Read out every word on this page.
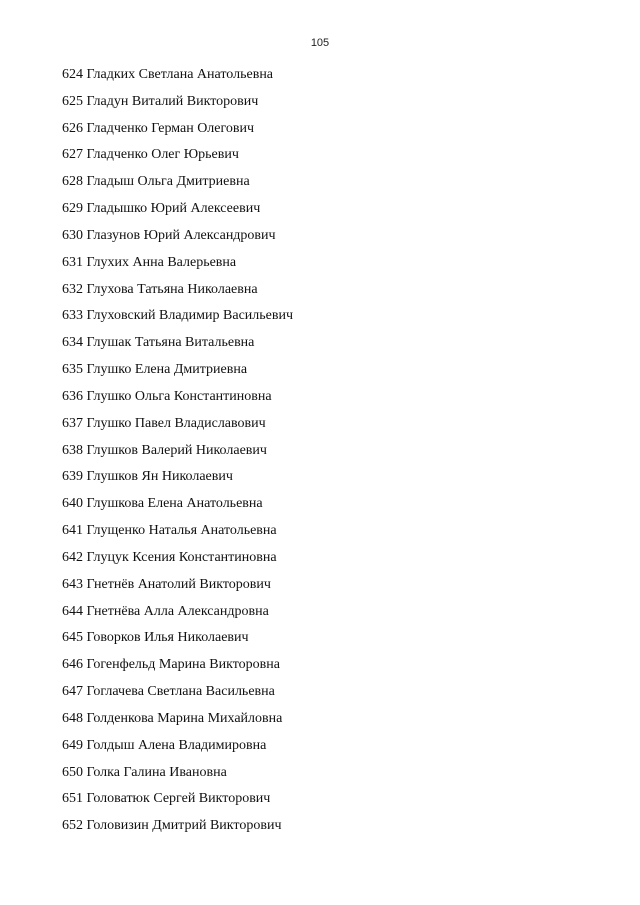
105
624 Гладких Светлана Анатольевна
625 Гладун Виталий Викторович
626 Гладченко Герман Олегович
627 Гладченко Олег Юрьевич
628 Гладыш Ольга Дмитриевна
629 Гладышко Юрий Алексеевич
630 Глазунов Юрий Александрович
631 Глухих Анна Валерьевна
632 Глухова Татьяна Николаевна
633 Глуховский Владимир Васильевич
634 Глушак Татьяна Витальевна
635 Глушко Елена Дмитриевна
636 Глушко Ольга Константиновна
637 Глушко Павел Владиславович
638 Глушков Валерий Николаевич
639 Глушков Ян Николаевич
640 Глушкова Елена Анатольевна
641 Глущенко Наталья Анатольевна
642 Глуцук Ксения Константиновна
643 Гнетнёв Анатолий Викторович
644 Гнетнёва Алла Александровна
645 Говорков Илья Николаевич
646 Гогенфельд Марина Викторовна
647 Гоглачева Светлана Васильевна
648 Голденкова Марина Михайловна
649 Голдыш Алена Владимировна
650 Голка Галина Ивановна
651 Головатюк Сергей Викторович
652 Головизин Дмитрий Викторович
